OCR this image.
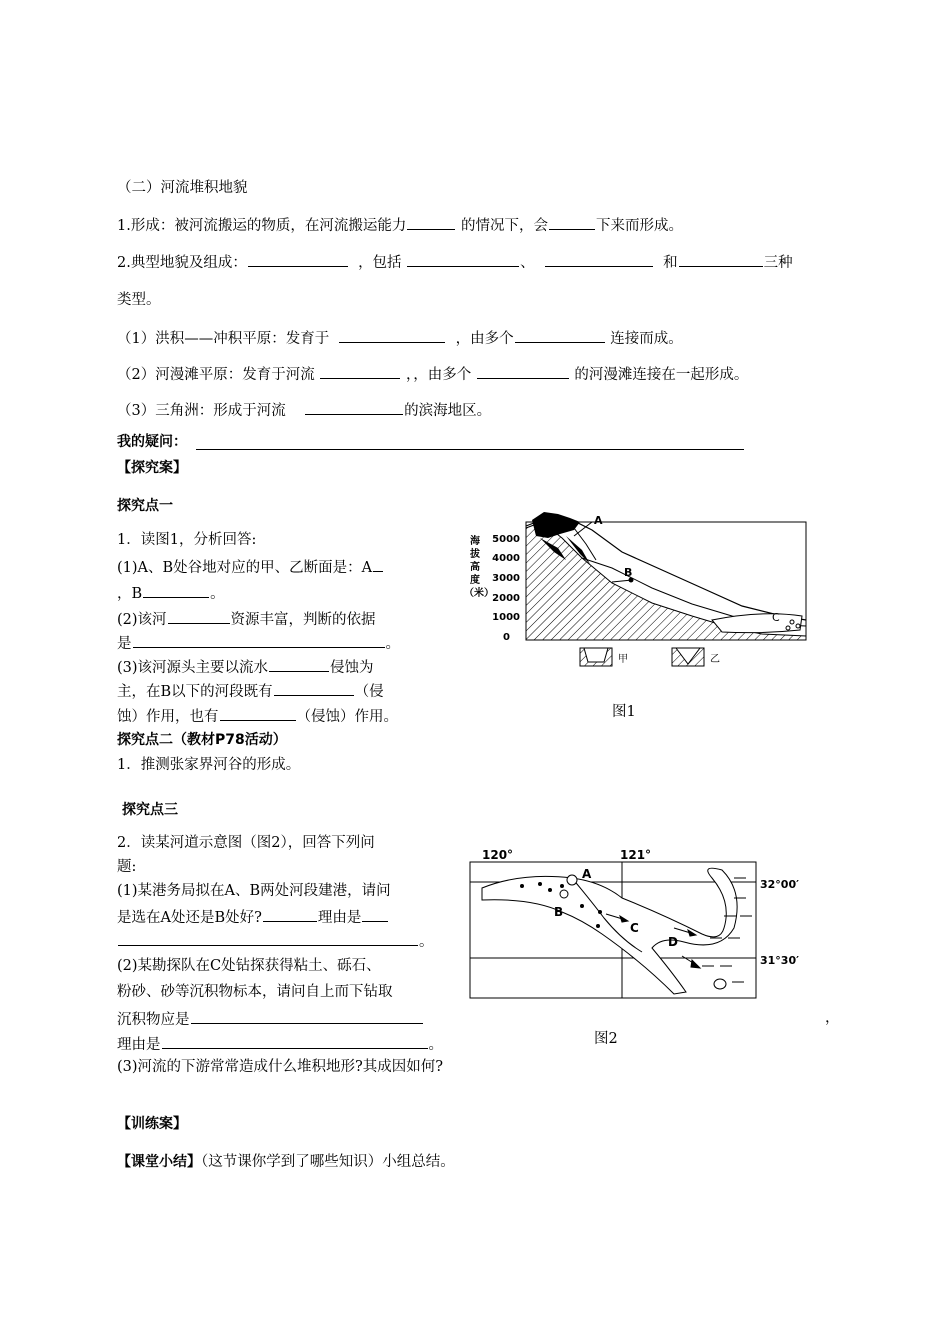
（二）河流堆积地貌
1.形成：被河流搬运的物质，在河流搬运能力	的情况下，会	下来而形成。
2.典型地貌及组成：	，包括	、	和	三种
类型。
（1）洪积——冲积平原：发育于	，由多个	连接而成。
（2）河漫滩平原：发育于河流	，，由多个	的河漫滩连接在一起形成。
（3）三角洲：形成于河流	的滨海地区。
我的疑问：
【探究案】
探究点一
1．读图1，分析回答:
(1)A、B处谷地对应的甲、乙断面是：A
，B	。
(2)该河	资源丰富，判断的依据
是	。
(3)该河源头主要以流水	侵蚀为
主，在B以下的河段既有	（侵
蚀）作用，也有	（侵蚀）作用。
海
拔
高
度
（米）
5000
4000
3000
2000
1000
0
A
B
C
甲	乙
图1
探究点二（教材P78活动）
1．推测张家界河谷的形成。
探究点三
2．读某河道示意图（图2），回答下列问
题:
(1)某港务局拟在A、B两处河段建港，请问
是选在A处还是B处好?	理由是
。
(2)某勘探队在C处钻探获得粘土、砾石、
粉砂、砂等沉积物标本，请问自上而下钻取
沉积物应是	，
理由是	。
(3)河流的下游常常造成什么堆积地形?其成因如何?
120°	121°
32°00′
31°30′
A
B
C
D
图2
【训练案】
【课堂小结】（这节课你学到了哪些知识）小组总结。
